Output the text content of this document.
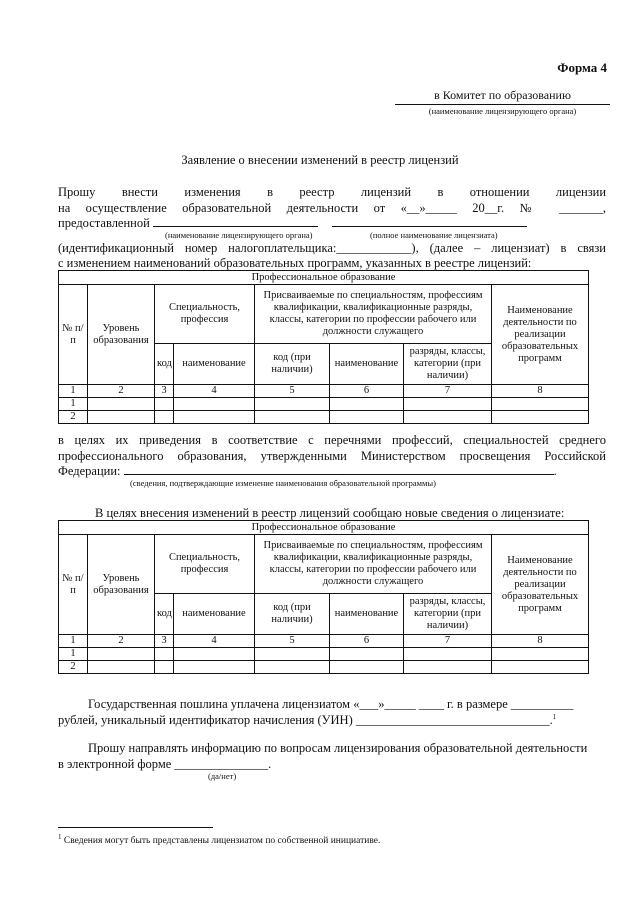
Форма 4
в Комитет по образованию
(наименование лицензирующего органа)
Заявление о внесении изменений в реестр лицензий
Прошу внести изменения в реестр лицензий в отношении лицензии
на осуществление образовательной деятельности от «__»_____ 20__г. № _______,
предоставленной
(наименование лицензирующего органа)	(полное наименование лицензиата)
(идентификационный номер налогоплательщика:____________), (далее – лицензиат) в связи
с изменением наименований образовательных программ, указанных в реестре лицензий:
Профессиональное образование							
№ п/п	Уровень образования	Специальность, профессия		Присваиваемые по специальностям, профессиям квалификации, квалификационные разряды, классы, категории по профессии рабочего или должности служащего			Наименование деятельности по реализации образовательных программ
		код	наименование	код (при наличии)	наименование	разряды, классы, категории (при наличии)	
1	2	3	4	5	6	7	8
1							
2							
в целях их приведения в соответствие с перечнями профессий, специальностей среднего
профессионального образования, утвержденными Министерством просвещения Российской
Федерации:	.
(сведения, подтверждающие изменение наименования образовательной программы)
В целях внесения изменений в реестр лицензий сообщаю новые сведения о лицензиате:
Профессиональное образование							
№ п/п	Уровень образования	Специальность, профессия		Присваиваемые по специальностям, профессиям квалификации, квалификационные разряды, классы, категории по профессии рабочего или должности служащего			Наименование деятельности по реализации образовательных программ
		код	наименование	код (при наличии)	наименование	разряды, классы, категории (при наличии)	
1	2	3	4	5	6	7	8
1							
2							
Государственная пошлина уплачена лицензиатом «___»_____ ____ г. в размере __________
рублей, уникальный идентификатор начисления (УИН) _______________________________.$^1$
Прошу направлять информацию по вопросам лицензирования образовательной деятельности
в электронной форме _______________.
(да/нет)
$^1$ Сведения могут быть представлены лицензиатом по собственной инициативе.
